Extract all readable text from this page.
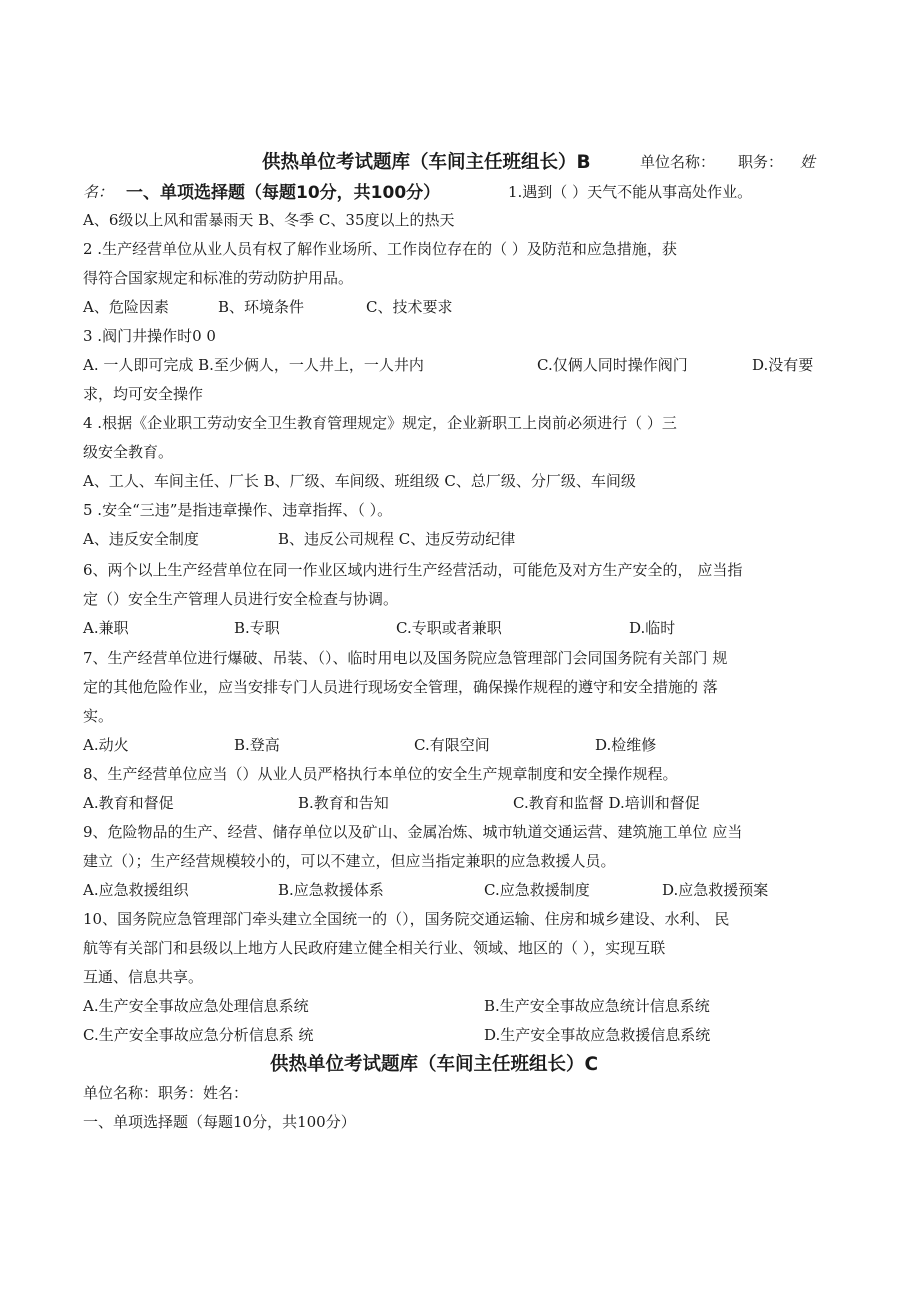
供热单位考试题库（车间主任班组长）B	单位名称： 职务： 姓
名： 一、单项选择题（每题10分，共100分）	1.遇到（ ）天气不能从事高处作业。
A、6级以上风和雷暴雨天 B、冬季 C、35度以上的热天
2 .生产经营单位从业人员有权了解作业场所、工作岗位存在的（ ）及防范和应急措施，获
得符合国家规定和标准的劳动防护用品。
A、危险因素	B、环境条件	C、技术要求
3 .阀门井操作时0 0
A. 一人即可完成 B.至少俩人，一人井上，一人井内	C.仅俩人同时操作阀门	D.没有要
求，均可安全操作
4 .根据《企业职工劳动安全卫生教育管理规定》规定，企业新职工上岗前必须进行（ ）三
级安全教育。
A、工人、车间主任、厂长 B、厂级、车间级、班组级 C、总厂级、分厂级、车间级
5 .安全“三违”是指违章操作、违章指挥、（ ）。
A、违反安全制度	B、违反公司规程 C、违反劳动纪律
6、两个以上生产经营单位在同一作业区域内进行生产经营活动，可能危及对方生产安全的， 应当指
定（）安全生产管理人员进行安全检查与协调。
A.兼职	B.专职	C.专职或者兼职	D.临时
7、生产经营单位进行爆破、吊装、（）、临时用电以及国务院应急管理部门会同国务院有关部门 规
定的其他危险作业，应当安排专门人员进行现场安全管理，确保操作规程的遵守和安全措施的 落
实。
A.动火	B.登高	C.有限空间	D.检维修
8、生产经营单位应当（）从业人员严格执行本单位的安全生产规章制度和安全操作规程。
A.教育和督促	B.教育和告知	C.教育和监督 D.培训和督促
9、危险物品的生产、经营、储存单位以及矿山、金属冶炼、城市轨道交通运营、建筑施工单位 应当
建立（）；生产经营规模较小的，可以不建立，但应当指定兼职的应急救援人员。
A.应急救援组织	B.应急救援体系	C.应急救援制度	D.应急救援预案
10、国务院应急管理部门牵头建立全国统一的（），国务院交通运输、住房和城乡建设、水利、 民
航等有关部门和县级以上地方人民政府建立健全相关行业、领域、地区的（ ），实现互联
互通、信息共享。
A.生产安全事故应急处理信息系统	B.生产安全事故应急统计信息系统
C.生产安全事故应急分析信息系 统	D.生产安全事故应急救援信息系统
供热单位考试题库（车间主任班组长）C
单位名称：职务：姓名：
一、单项选择题（每题10分，共100分）
